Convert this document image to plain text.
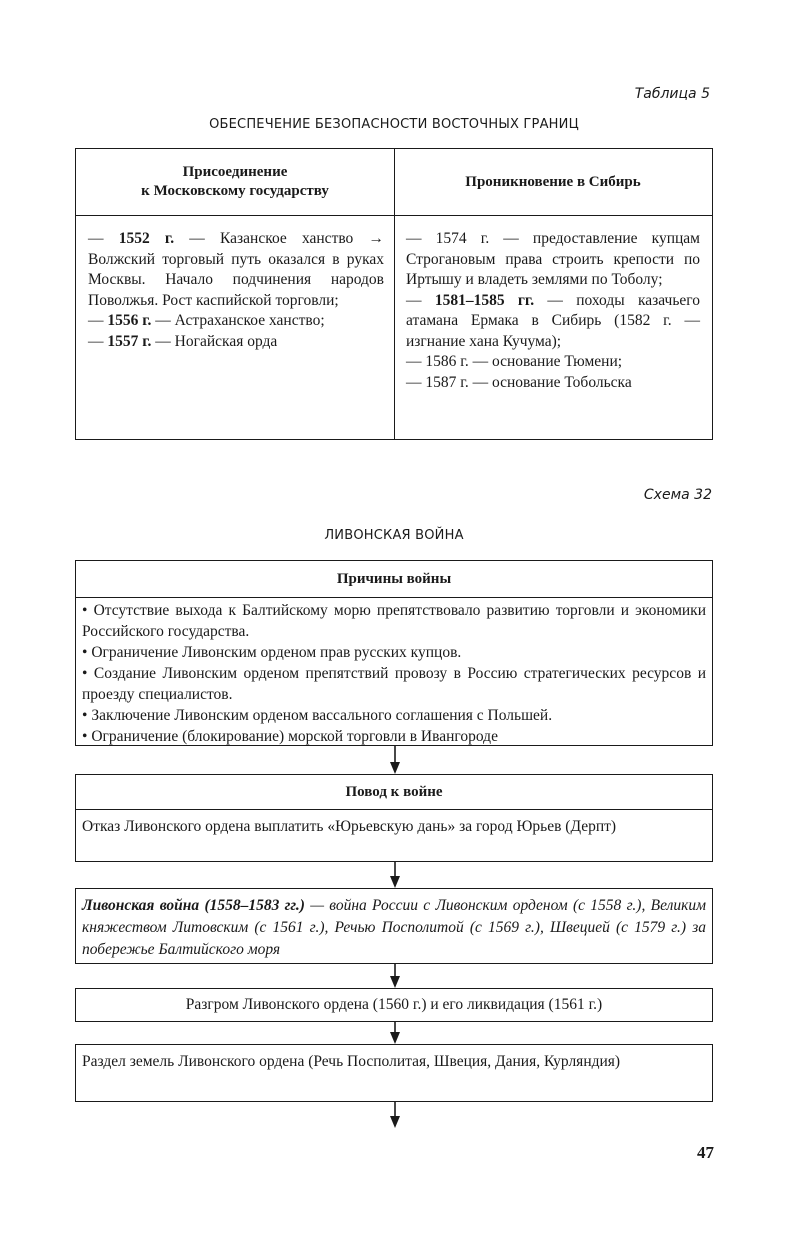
Таблица 5
ОБЕСПЕЧЕНИЕ БЕЗОПАСНОСТИ ВОСТОЧНЫХ ГРАНИЦ
Присоединение
к Московскому государству
Проникновение в Сибирь

— 1552 г. — Казанское ханство → Волжский торговый путь оказался в руках Москвы. Начало подчинения народов Поволжья. Рост каспийской торговли;

— 1556 г. — Астраханское ханство;

— 1557 г. — Ногайская орда

— 1574 г. — предоставление купцам Строгановым права строить крепости по Иртышу и владеть землями по Тоболу;

— 1581–1585 гг. — походы казачьего атамана Ермака в Сибирь (1582 г. — изгнание хана Кучума);

— 1586 г. — основание Тюмени;

— 1587 г. — основание Тобольска

Схема 32
ЛИВОНСКАЯ ВОЙНА
Причины войны

• Отсутствие выхода к Балтийскому морю препятствовало развитию торговли и экономики Российского государства.

• Ограничение Ливонским орденом прав русских купцов.

• Создание Ливонским орденом препятствий провозу в Россию стратегических ресурсов и проезду специалистов.

• Заключение Ливонским орденом вассального соглашения с Польшей.

• Ограничение (блокирование) морской торговли в Ивангороде

Повод к войне

Отказ Ливонского ордена выплатить «Юрьевскую дань» за город Юрьев (Дерпт)

Ливонская война (1558–1583 гг.) — война России с Ливонским орденом (с 1558 г.), Великим княжеством Литовским (с 1561 г.), Речью Посполитой (с 1569 г.), Швецией (с 1579 г.) за побережье Балтийского моря
Разгром Ливонского ордена (1560 г.) и его ликвидация (1561 г.)

Раздел земель Ливонского ордена (Речь Посполитая, Швеция, Дания, Курляндия)

47
